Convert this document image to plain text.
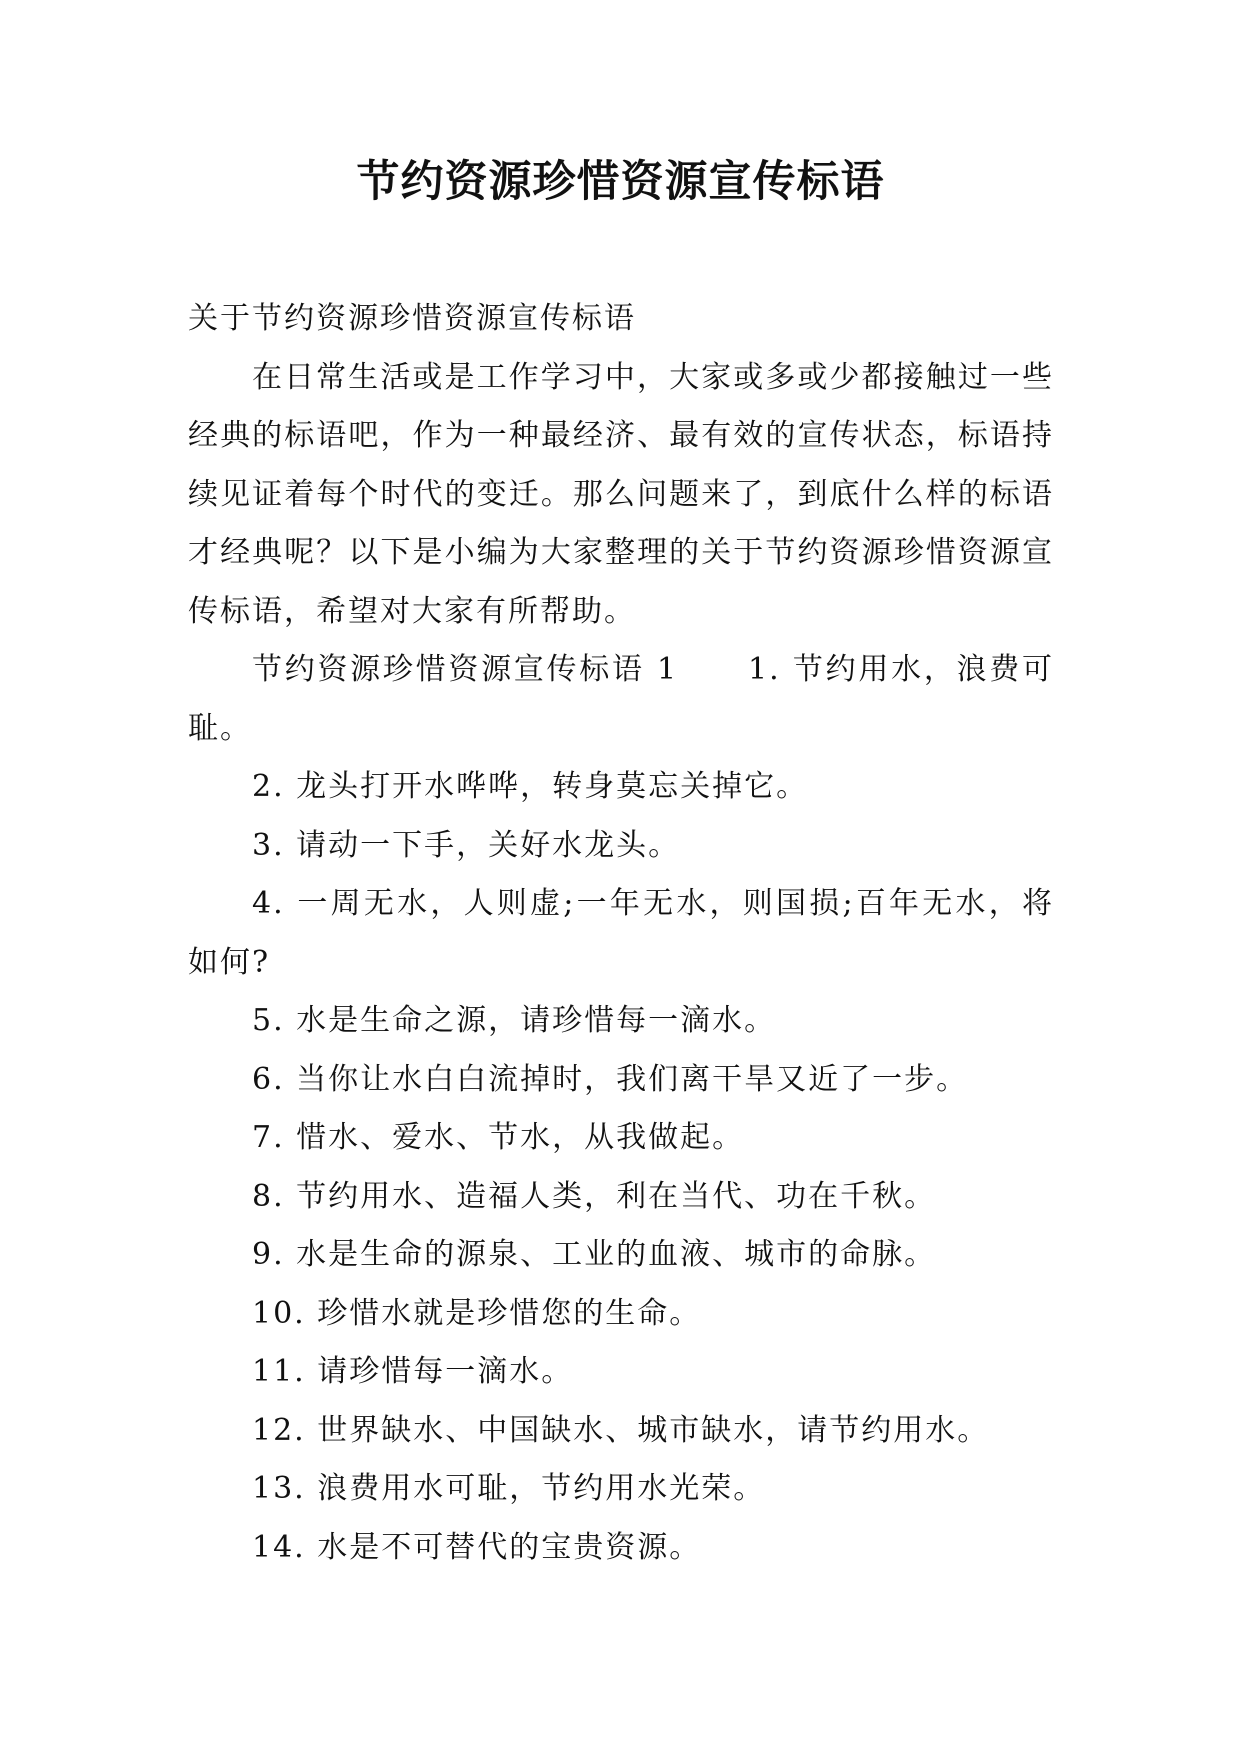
节约资源珍惜资源宣传标语

关于节约资源珍惜资源宣传标语

在日常生活或是工作学习中，大家或多或少都接触过一些经典的标语吧，作为一种最经济、最有效的宣传状态，标语持续见证着每个时代的变迁。那么问题来了，到底什么样的标语才经典呢？以下是小编为大家整理的关于节约资源珍惜资源宣传标语，希望对大家有所帮助。

节约资源珍惜资源宣传标语 1 1. 节约用水，浪费可耻。

2. 龙头打开水哗哗，转身莫忘关掉它。

3. 请动一下手，关好水龙头。

4. 一周无水，人则虚;一年无水，则国损;百年无水，将如何?

5. 水是生命之源，请珍惜每一滴水。

6. 当你让水白白流掉时，我们离干旱又近了一步。

7. 惜水、爱水、节水，从我做起。

8. 节约用水、造福人类，利在当代、功在千秋。

9. 水是生命的源泉、工业的血液、城市的命脉。

10. 珍惜水就是珍惜您的生命。

11. 请珍惜每一滴水。

12. 世界缺水、中国缺水、城市缺水，请节约用水。

13. 浪费用水可耻，节约用水光荣。

14. 水是不可替代的宝贵资源。
